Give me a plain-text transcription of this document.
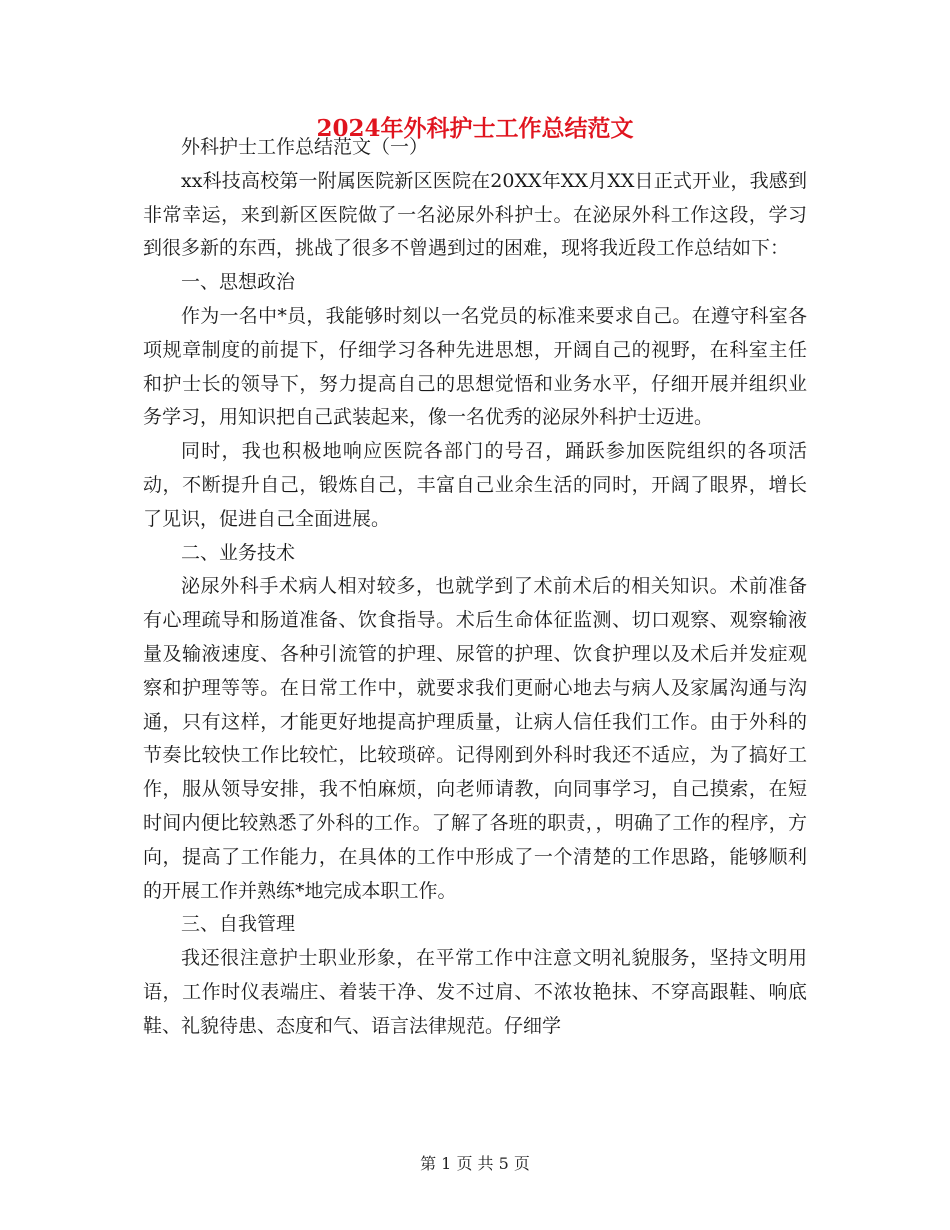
2024年外科护士工作总结范文

外科护士工作总结范文（一）

xx科技高校第一附属医院新区医院在20XX年XX月XX日正式开业，我感到非常幸运，来到新区医院做了一名泌尿外科护士。在泌尿外科工作这段，学习到很多新的东西，挑战了很多不曾遇到过的困难，现将我近段工作总结如下：

一、思想政治

作为一名中*员，我能够时刻以一名党员的标准来要求自己。在遵守科室各项规章制度的前提下，仔细学习各种先进思想，开阔自己的视野，在科室主任和护士长的领导下，努力提高自己的思想觉悟和业务水平，仔细开展并组织业务学习，用知识把自己武装起来，像一名优秀的泌尿外科护士迈进。

同时，我也积极地响应医院各部门的号召，踊跃参加医院组织的各项活动，不断提升自己，锻炼自己，丰富自己业余生活的同时，开阔了眼界，增长了见识，促进自己全面进展。

二、业务技术

泌尿外科手术病人相对较多，也就学到了术前术后的相关知识。术前准备有心理疏导和肠道准备、饮食指导。术后生命体征监测、切口观察、观察输液量及输液速度、各种引流管的护理、尿管的护理、饮食护理以及术后并发症观察和护理等等。在日常工作中，就要求我们更耐心地去与病人及家属沟通与沟通，只有这样，才能更好地提高护理质量，让病人信任我们工作。由于外科的节奏比较快工作比较忙，比较琐碎。记得刚到外科时我还不适应，为了搞好工作，服从领导安排，我不怕麻烦，向老师请教，向同事学习，自己摸索，在短时间内便比较熟悉了外科的工作。了解了各班的职责，，明确了工作的程序，方向，提高了工作能力，在具体的工作中形成了一个清楚的工作思路，能够顺利的开展工作并熟练*地完成本职工作。

三、自我管理

我还很注意护士职业形象，在平常工作中注意文明礼貌服务，坚持文明用语，工作时仪表端庄、着装干净、发不过肩、不浓妆艳抹、不穿高跟鞋、响底鞋、礼貌待患、态度和气、语言法律规范。仔细学

第 1 页 共 5 页
